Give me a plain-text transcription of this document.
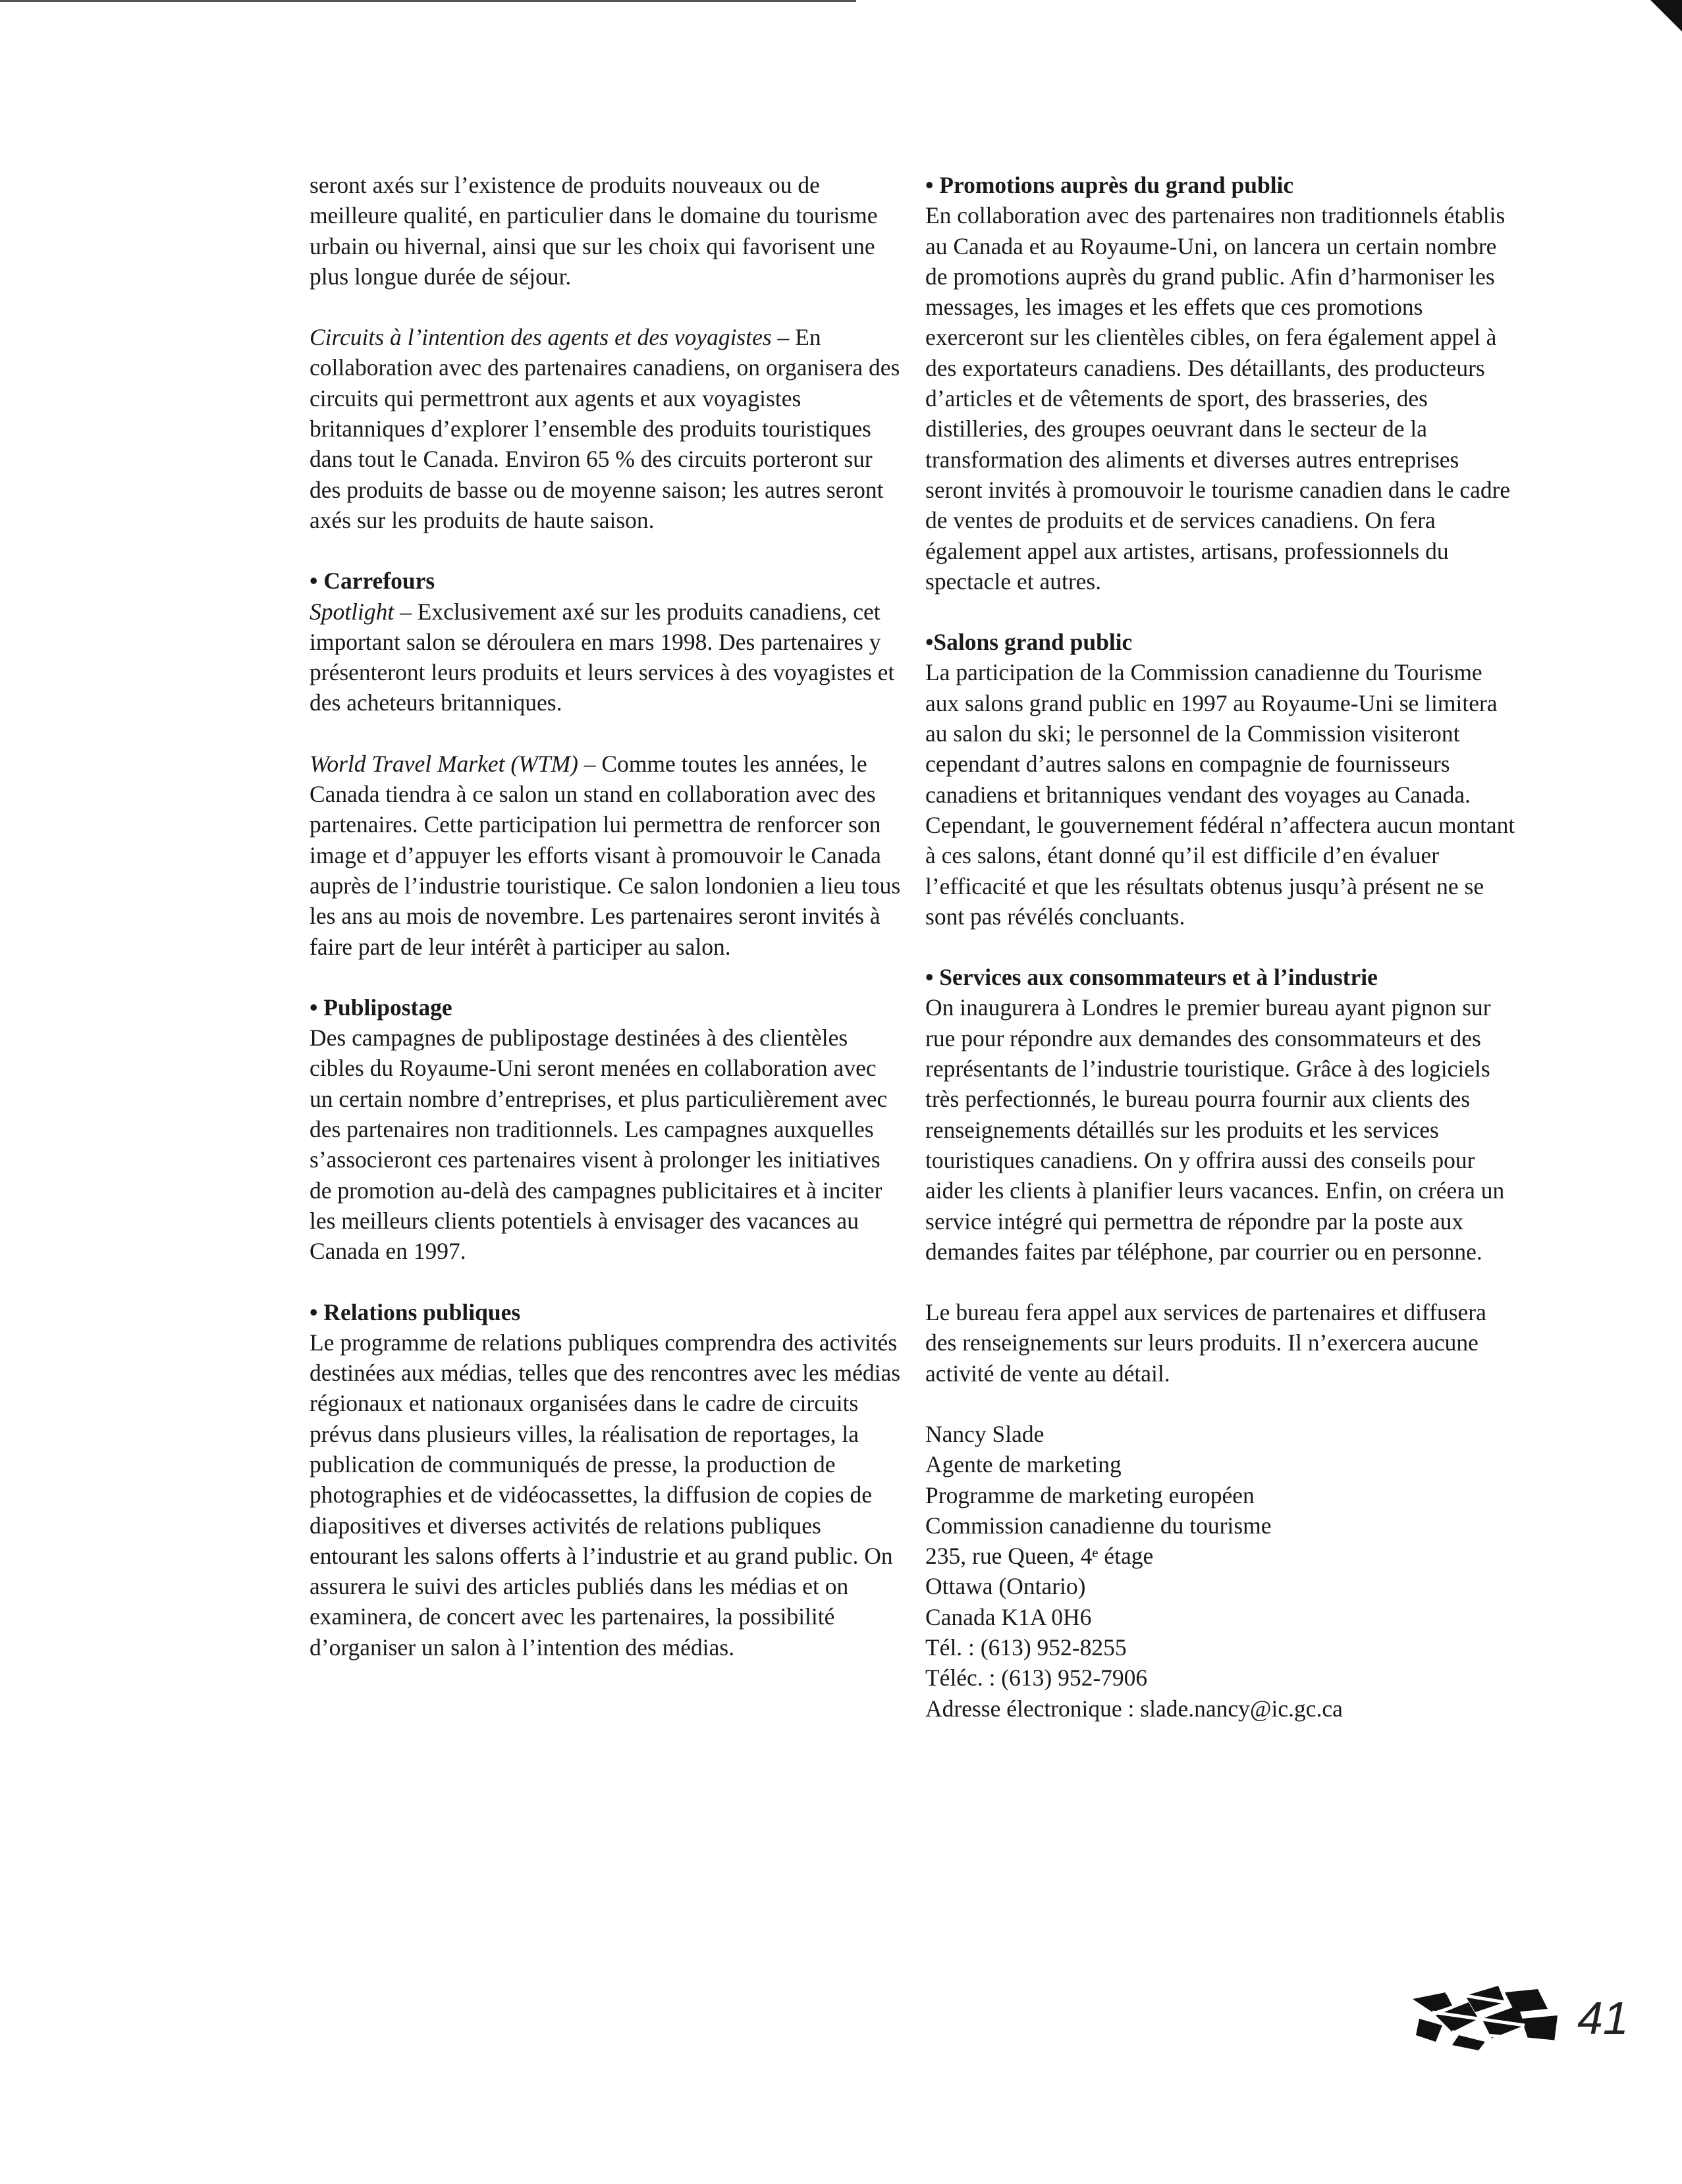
seront axés sur l’existence de produits nouveaux ou de meilleure qualité, en particulier dans le domaine du tourisme urbain ou hivernal, ainsi que sur les choix qui favorisent une plus longue durée de séjour.

Circuits à l’intention des agents et des voyagistes – En collaboration avec des partenaires canadiens, on organisera des circuits qui permettront aux agents et aux voyagistes britanniques d’explorer l’ensemble des produits touristiques dans tout le Canada. Environ 65 % des circuits porteront sur des produits de basse ou de moyenne saison; les autres seront axés sur les produits de haute saison.

• Carrefours

Spotlight – Exclusivement axé sur les produits canadiens, cet important salon se déroulera en mars 1998. Des partenaires y présenteront leurs produits et leurs services à des voyagistes et des acheteurs britanniques.

World Travel Market (WTM) – Comme toutes les années, le Canada tiendra à ce salon un stand en collaboration avec des partenaires. Cette participation lui permettra de renforcer son image et d’appuyer les efforts visant à promouvoir le Canada auprès de l’industrie touristique. Ce salon londonien a lieu tous les ans au mois de novembre. Les partenaires seront invités à faire part de leur intérêt à participer au salon.

• Publipostage

Des campagnes de publipostage destinées à des clientèles cibles du Royaume-Uni seront menées en collaboration avec un certain nombre d’entreprises, et plus particulièrement avec des partenaires non traditionnels. Les campagnes auxquelles s’associeront ces partenaires visent à prolonger les initiatives de promotion au-delà des campagnes publicitaires et à inciter les meilleurs clients potentiels à envisager des vacances au Canada en 1997.

• Relations publiques

Le programme de relations publiques comprendra des activités destinées aux médias, telles que des rencontres avec les médias régionaux et nationaux organisées dans le cadre de circuits prévus dans plusieurs villes, la réalisation de reportages, la publication de communiqués de presse, la production de photographies et de vidéocassettes, la diffusion de copies de diapositives et diverses activités de relations publiques entourant les salons offerts à l’industrie et au grand public. On assurera le suivi des articles publiés dans les médias et on examinera, de concert avec les partenaires, la possibilité d’organiser un salon à l’intention des médias.

• Promotions auprès du grand public

En collaboration avec des partenaires non traditionnels établis au Canada et au Royaume-Uni, on lancera un certain nombre de promotions auprès du grand public. Afin d’harmoniser les messages, les images et les effets que ces promotions exerceront sur les clientèles cibles, on fera également appel à des exportateurs canadiens. Des détaillants, des producteurs d’articles et de vêtements de sport, des brasseries, des distilleries, des groupes oeuvrant dans le secteur de la transformation des aliments et diverses autres entreprises seront invités à promouvoir le tourisme canadien dans le cadre de ventes de produits et de services canadiens. On fera également appel aux artistes, artisans, professionnels du spectacle et autres.

•Salons grand public

La participation de la Commission canadienne du Tourisme aux salons grand public en 1997 au Royaume-Uni se limitera au salon du ski; le personnel de la Commission visiteront cependant d’autres salons en compagnie de fournisseurs canadiens et britanniques vendant des voyages au Canada. Cependant, le gouvernement fédéral n’affectera aucun montant à ces salons, étant donné qu’il est difficile d’en évaluer l’efficacité et que les résultats obtenus jusqu’à présent ne se sont pas révélés concluants.

• Services aux consommateurs et à l’industrie

On inaugurera à Londres le premier bureau ayant pignon sur rue pour répondre aux demandes des consommateurs et des représentants de l’industrie touristique. Grâce à des logiciels très perfectionnés, le bureau pourra fournir aux clients des renseignements détaillés sur les produits et les services touristiques canadiens. On y offrira aussi des conseils pour aider les clients à planifier leurs vacances. Enfin, on créera un service intégré qui permettra de répondre par la poste aux demandes faites par téléphone, par courrier ou en personne.

Le bureau fera appel aux services de partenaires et diffusera des renseignements sur leurs produits. Il n’exercera aucune activité de vente au détail.

Nancy Slade
Agente de marketing
Programme de marketing européen
Commission canadienne du tourisme
235, rue Queen, 4ᵉ étage
Ottawa (Ontario)
Canada K1A 0H6
Tél. : (613) 952-8255
Téléc. : (613) 952-7906
Adresse électronique : slade.nancy@ic.gc.ca
41
